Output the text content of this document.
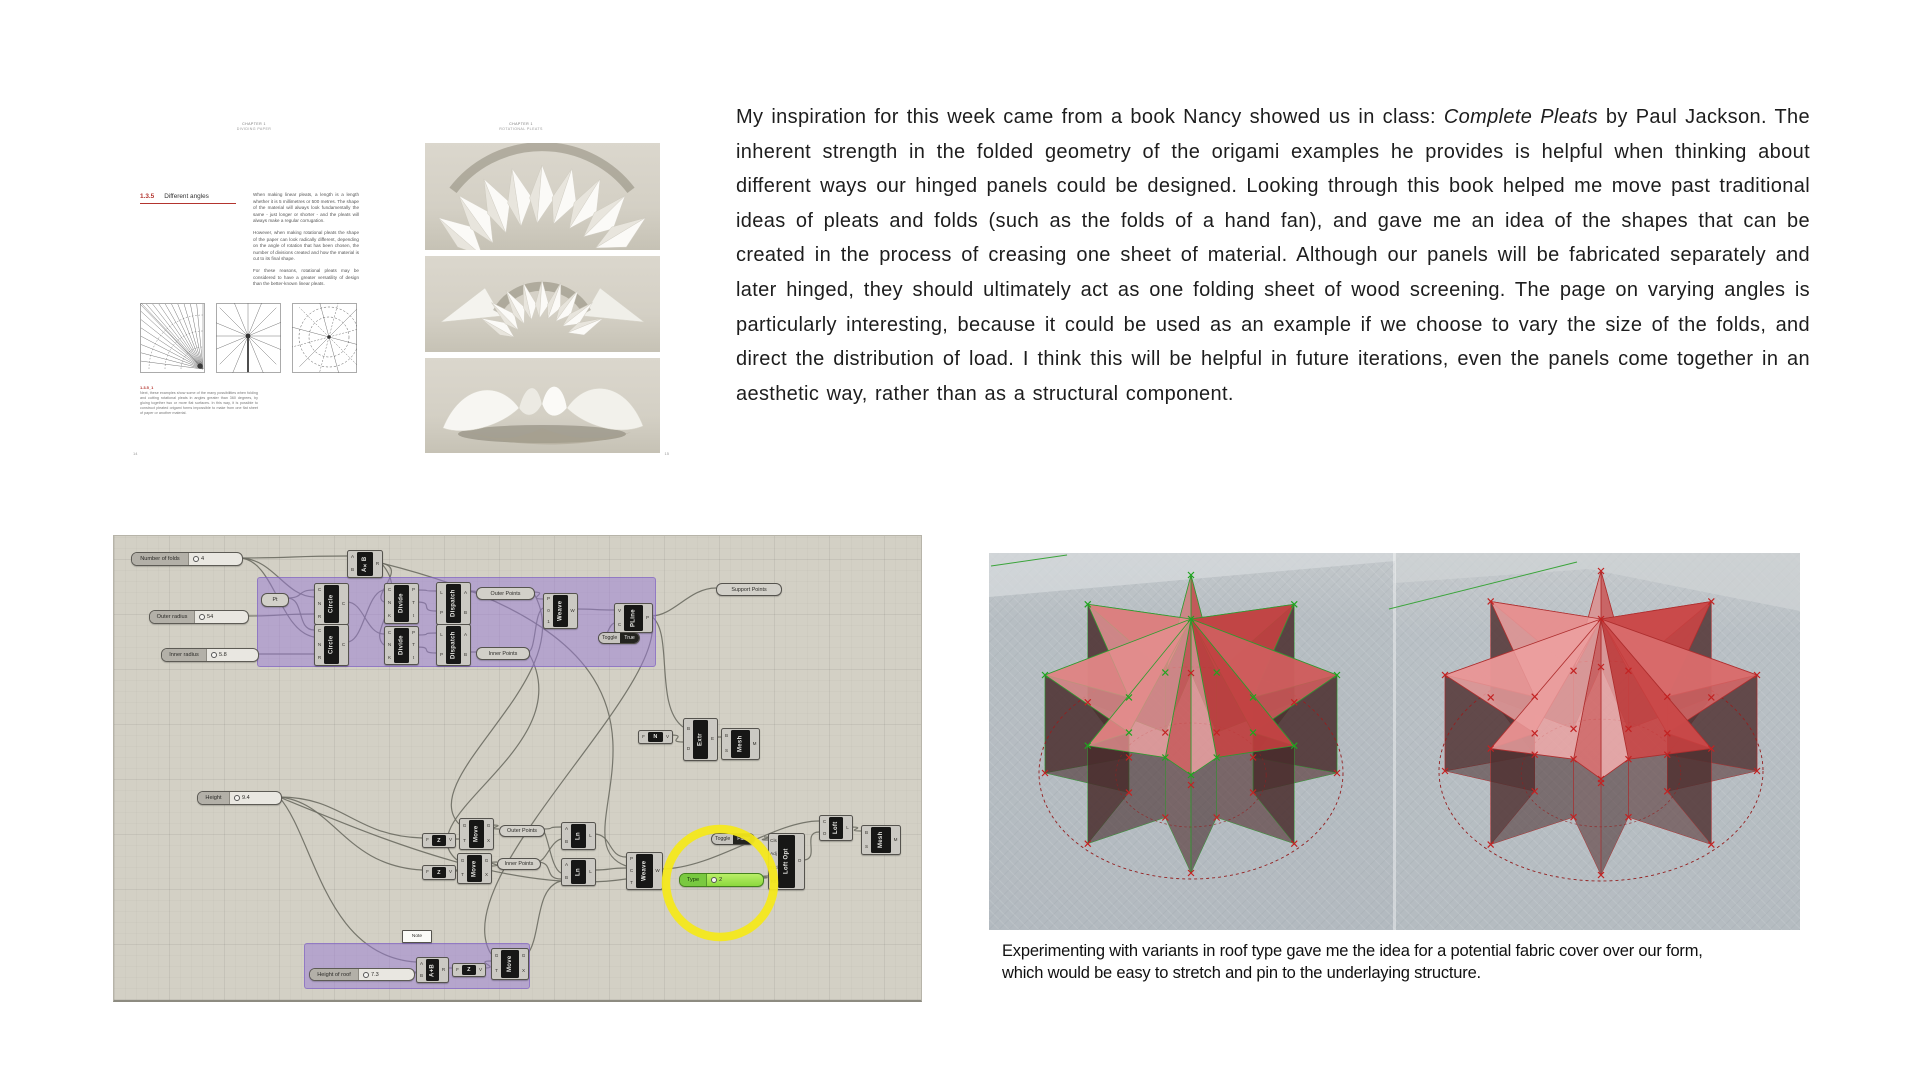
CHAPTER 1
DIVIDING PAPER
CHAPTER 1
ROTATIONAL PLEATS
1.3.5 Different angles	When making linear pleats, a length is a length whether it is 5 millimetres or 500 metres. The shape of the material will always look fundamentally the same - just longer or shorter - and the pleats will always make a regular corrugation.

However, when making rotational pleats the shape of the paper can look radically different, depending on the angle of rotation that has been chosen, the number of divisions created and how the material is cut to its final shape.

For these reasons, rotational pleats may be considered to have a greater versatility of design than the better-known linear pleats.

1.3.5_1
Next, these examples show some of the many possibilities when folding and cutting rotational pleats in angles greater than 360 degrees, by gluing together two or more flat surfaces. In this way, it is possible to construct pleated origami forms impossible to make from one flat sheet of paper or another material.
14	15
My inspiration for this week came from a book Nancy showed us in class: Complete Pleats by Paul Jackson. The inherent strength in the folded geometry of the origami examples he provides is helpful when thinking about different ways our hinged panels could be designed. Looking through this book helped me move past traditional ideas of pleats and folds (such as the folds of a hand fan), and gave me an idea of the shapes that can be created in the process of creasing one sheet of material. Although our panels will be fabricated separately and later hinged, they should ultimately act as one folding sheet of wood screening. The page on varying angles is particularly interesting, because it could be used as an example if we choose to vary the size of the folds, and direct the distribution of load. I think this will be helpful in future iterations, even the panels come together in an aesthetic way, rather than as a structural component.
A
B	A×B	R
C
N
R
Circle	C
C
N
R
Circle	C
C
N
K
Divide
P
T
t
C
N
K
Divide
P
T
t
L
P	Dispatch	A
B
L
P	Dispatch	A
B
P
0
1
Weave	W	V
C	PLine	P
F	N	V
B
D
Extr	E
B
S	Mesh	M
F	Z	V
G
T	Move
G
X
A
B
Ln	L
F	Z	V
G
T	Move	G
X
A
B
Ln	L
P
C
T
Weave	W
Cls
Adj
Rbd
Rft
Loft Opt	O
C
O	Loft	L
B
S	Mesh	M
A
B	A+B	R F	Z	V
G
T	Move
G
X
Pt
Outer Points
Inner Points
Support Points
Outer Points
Inner Points
Note
Number of folds	4
Outer radius	54
Inner radius	5.8
Height	9.4
Height of roof	7.3
Type	2
Toggle	True
Toggle	False
Experimenting with variants in roof type gave me the idea for a potential fabric cover over our form,
which would be easy to stretch and pin to the underlaying structure.
